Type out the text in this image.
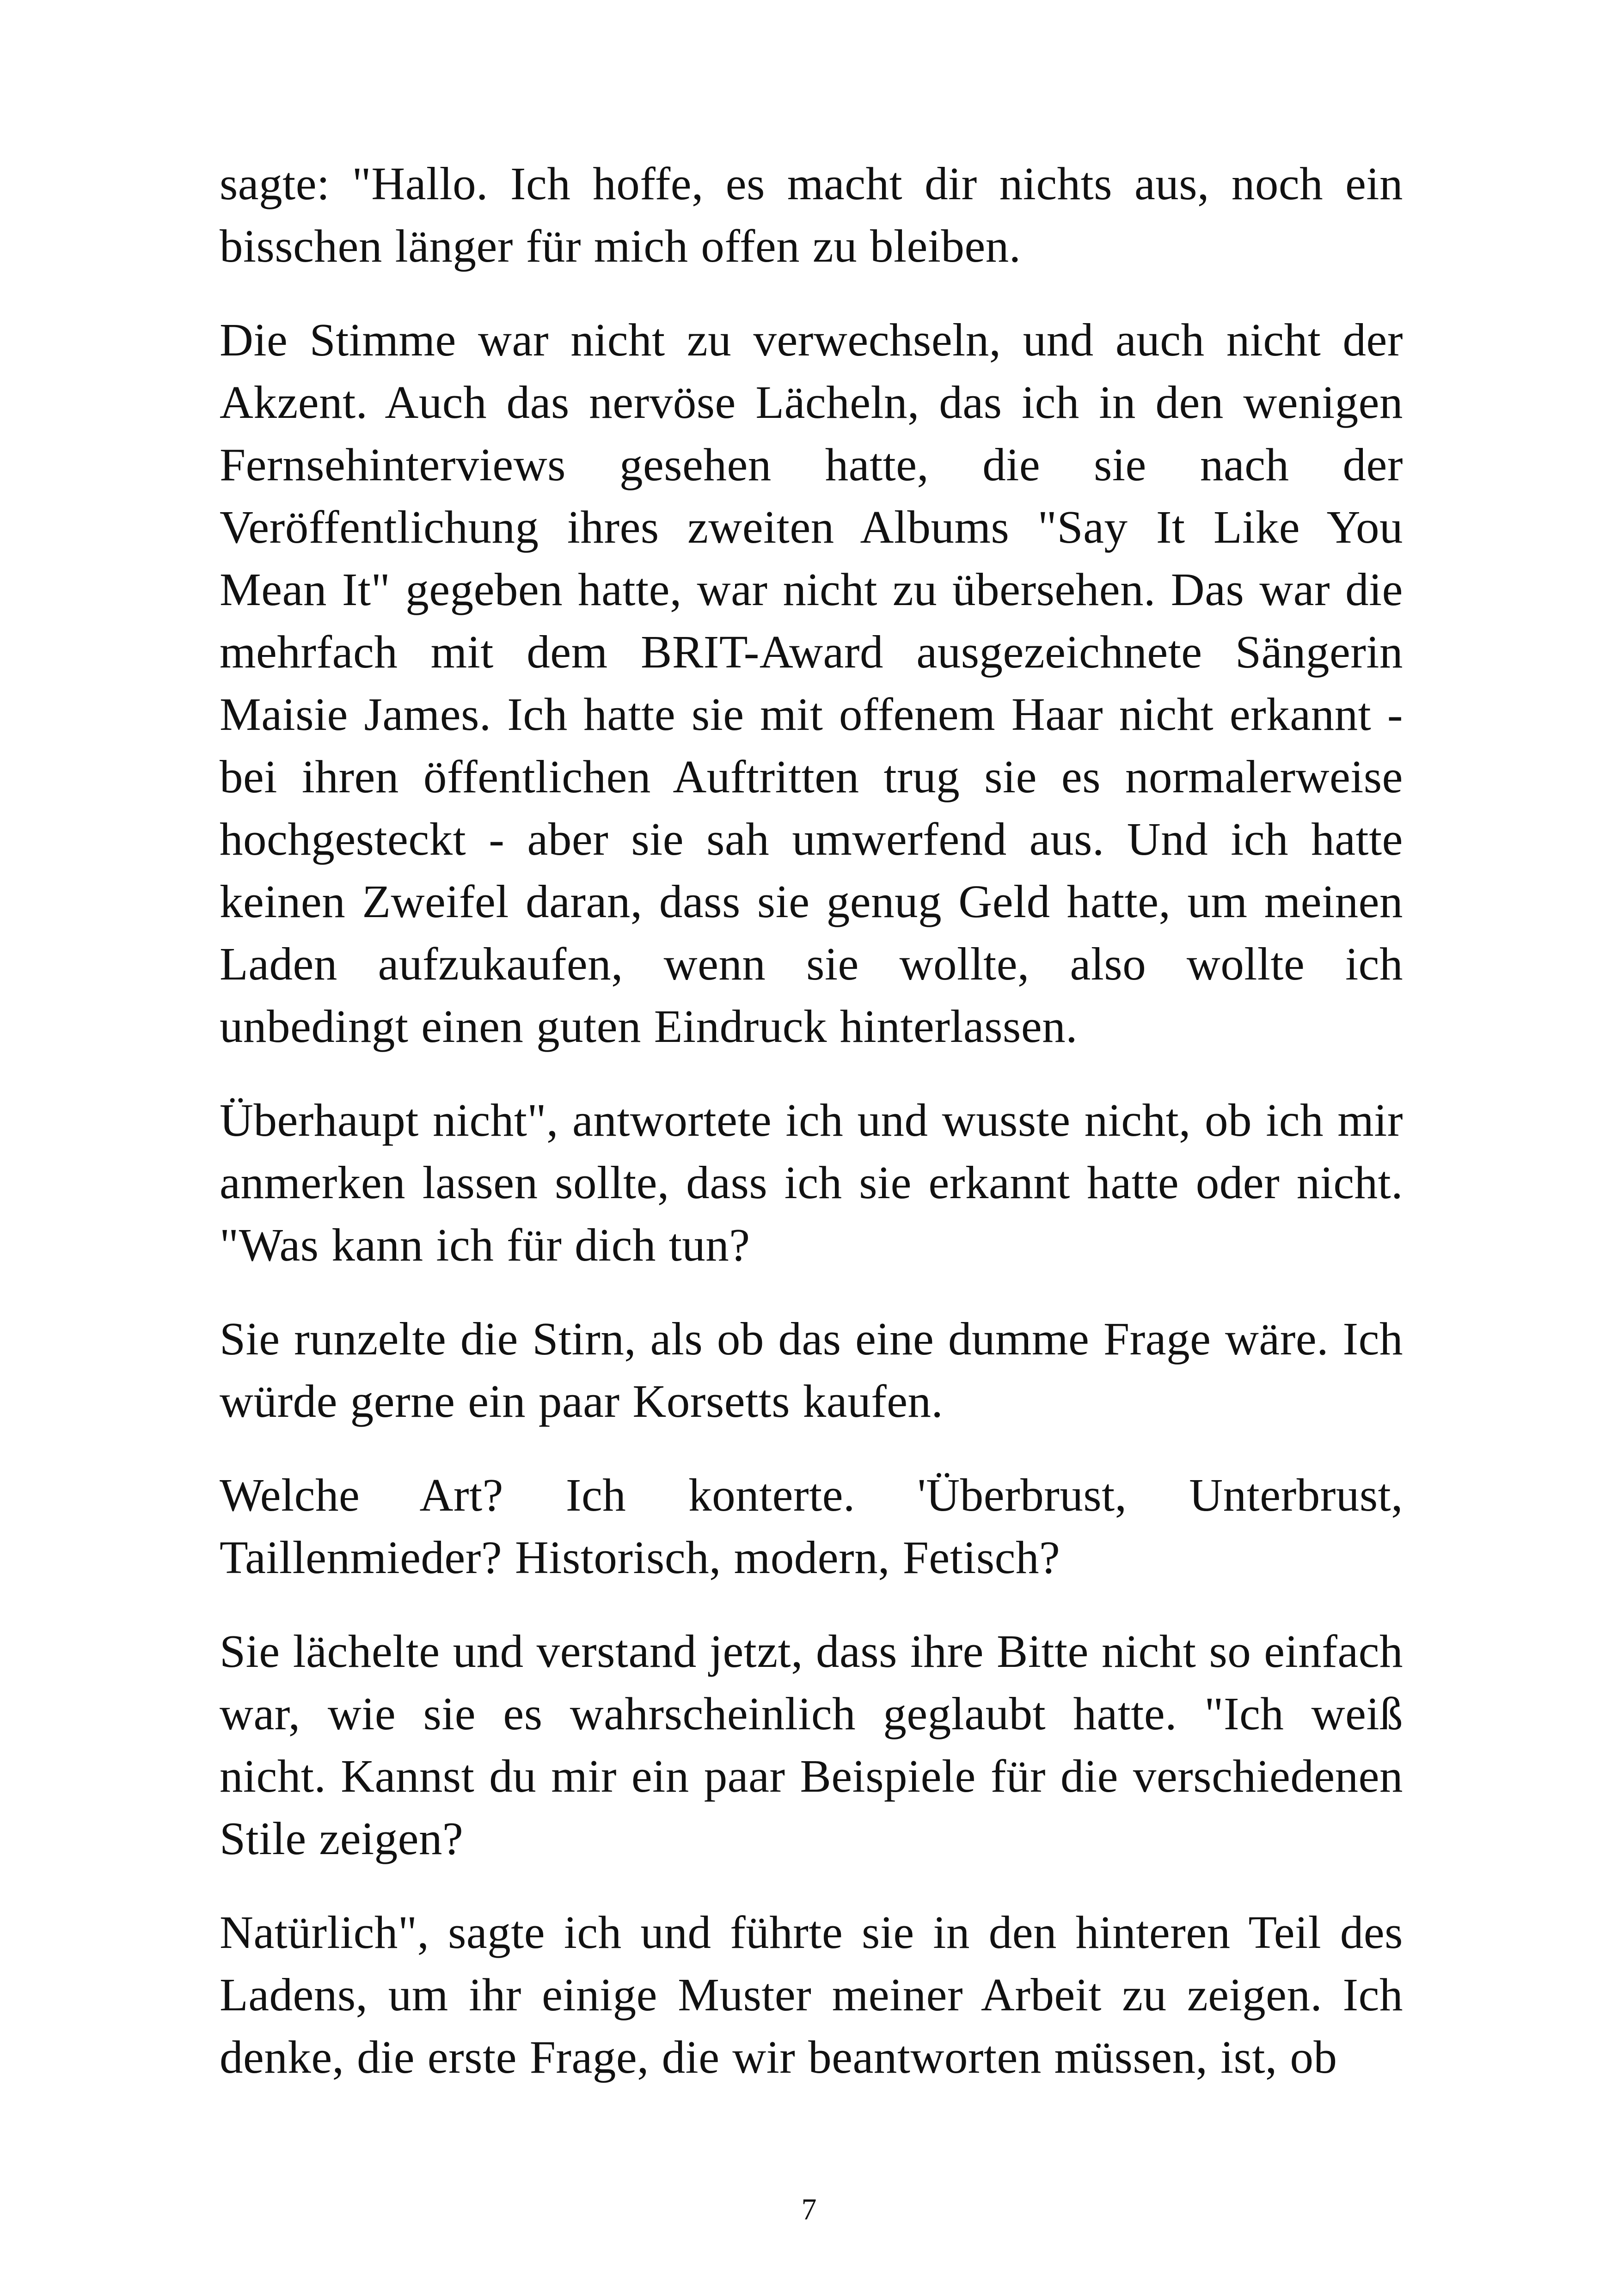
sagte: "Hallo. Ich hoffe, es macht dir nichts aus, noch ein bisschen länger für mich offen zu bleiben.

Die Stimme war nicht zu verwechseln, und auch nicht der Akzent. Auch das nervöse Lächeln, das ich in den wenigen Fernsehinterviews gesehen hatte, die sie nach der Veröffentlichung ihres zweiten Albums "Say It Like You Mean It" gegeben hatte, war nicht zu übersehen. Das war die mehrfach mit dem BRIT-Award ausgezeichnete Sängerin Maisie James. Ich hatte sie mit offenem Haar nicht erkannt - bei ihren öffentlichen Auftritten trug sie es normalerweise hochgesteckt - aber sie sah umwerfend aus. Und ich hatte keinen Zweifel daran, dass sie genug Geld hatte, um meinen Laden aufzukaufen, wenn sie wollte, also wollte ich unbedingt einen guten Eindruck hinterlassen.

Überhaupt nicht", antwortete ich und wusste nicht, ob ich mir anmerken lassen sollte, dass ich sie erkannt hatte oder nicht. "Was kann ich für dich tun?

Sie runzelte die Stirn, als ob das eine dumme Frage wäre. Ich würde gerne ein paar Korsetts kaufen.

Welche Art? Ich konterte. 'Überbrust, Unterbrust, Taillenmieder? Historisch, modern, Fetisch?

Sie lächelte und verstand jetzt, dass ihre Bitte nicht so einfach war, wie sie es wahrscheinlich geglaubt hatte. "Ich weiß nicht. Kannst du mir ein paar Beispiele für die verschiedenen Stile zeigen?

Natürlich", sagte ich und führte sie in den hinteren Teil des Ladens, um ihr einige Muster meiner Arbeit zu zeigen. Ich denke, die erste Frage, die wir beantworten müssen, ist, ob

7
